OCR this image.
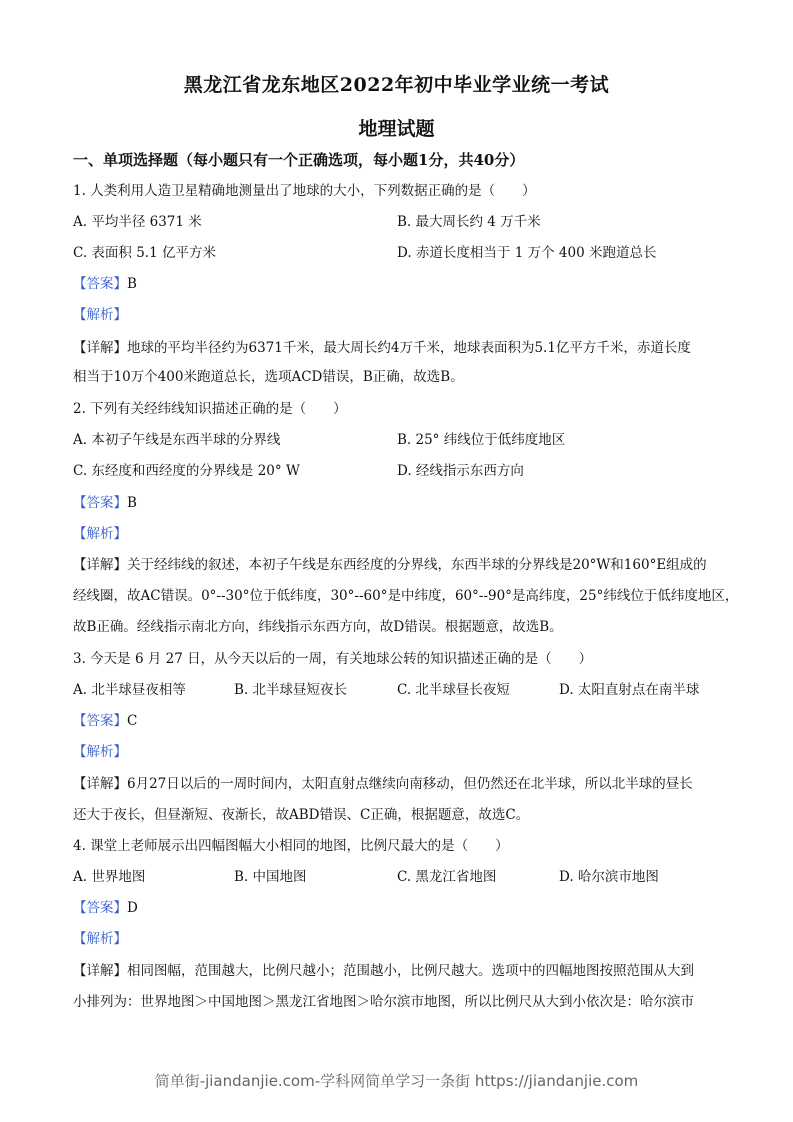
黑龙江省龙东地区2022年初中毕业学业统一考试
地理试题
一、单项选择题（每小题只有一个正确选项，每小题1分，共40分）
1. 人类利用人造卫星精确地测量出了地球的大小，下列数据正确的是（　　）
A. 平均半径 6371 米	B. 最大周长约 4 万千米
C. 表面积 5.1 亿平方米	D. 赤道长度相当于 1 万个 400 米跑道总长
【答案】B
【解析】
【详解】地球的平均半径约为6371千米，最大周长约4万千米，地球表面积为5.1亿平方千米，赤道长度
相当于10万个400米跑道总长，选项ACD错误，B正确，故选B。
2. 下列有关经纬线知识描述正确的是（　　）
A. 本初子午线是东西半球的分界线	B. 25° 纬线位于低纬度地区
C. 东经度和西经度的分界线是 20° W	D. 经线指示东西方向
【答案】B
【解析】
【详解】关于经纬线的叙述，本初子午线是东西经度的分界线，东西半球的分界线是20°W和160°E组成的
经线圈，故AC错误。0°--30°位于低纬度，30°--60°是中纬度，60°--90°是高纬度，25°纬线位于低纬度地区，
故B正确。经线指示南北方向，纬线指示东西方向，故D错误。根据题意，故选B。
3. 今天是 6 月 27 日，从今天以后的一周，有关地球公转的知识描述正确的是（　　）
A. 北半球昼夜相等	B. 北半球昼短夜长	C. 北半球昼长夜短	D. 太阳直射点在南半球
【答案】C
【解析】
【详解】6月27日以后的一周时间内，太阳直射点继续向南移动，但仍然还在北半球，所以北半球的昼长
还大于夜长，但昼渐短、夜渐长，故ABD错误、C正确，根据题意，故选C。
4. 课堂上老师展示出四幅图幅大小相同的地图，比例尺最大的是（　　）
A. 世界地图	B. 中国地图	C. 黑龙江省地图	D. 哈尔滨市地图
【答案】D
【解析】
【详解】相同图幅，范围越大，比例尺越小；范围越小，比例尺越大。选项中的四幅地图按照范围从大到
小排列为：世界地图＞中国地图＞黑龙江省地图＞哈尔滨市地图，所以比例尺从大到小依次是：哈尔滨市
简单街-jiandanjie.com-学科网简单学习一条街 https://jiandanjie.com
